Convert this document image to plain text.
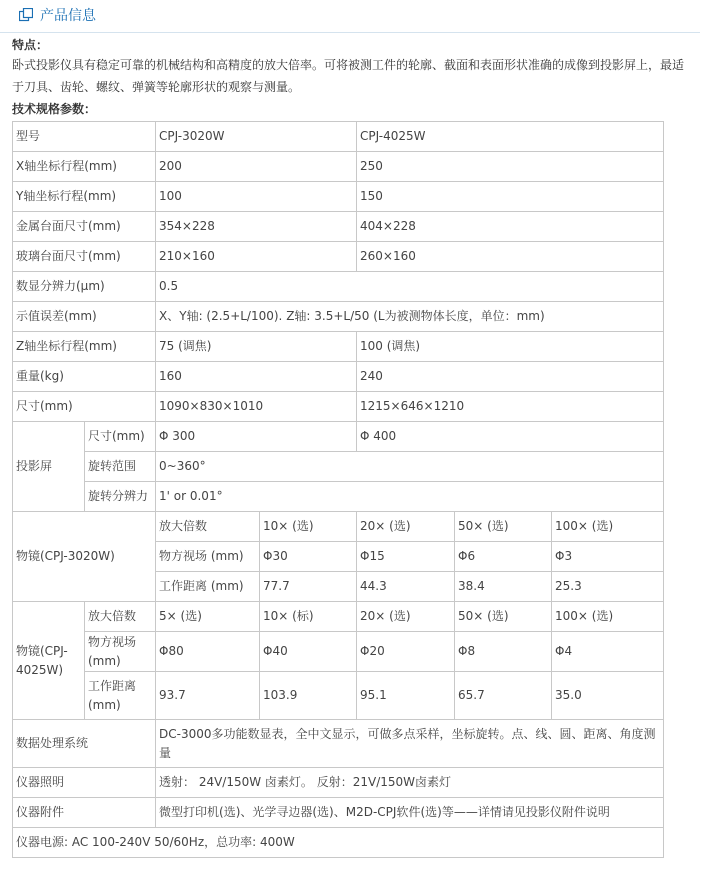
产品信息
特点：
卧式投影仪具有稳定可靠的机械结构和高精度的放大倍率。可将被测工件的轮廓、截面和表面形状准确的成像到投影屏上，最适于刀具、齿轮、螺纹、弹簧等轮廓形状的观察与测量。
技术规格参数：
型号		CPJ-3020W		CPJ-4025W		
X轴坐标行程(mm)		200		250		
Y轴坐标行程(mm)		100		150		
金属台面尺寸(mm)		354×228		404×228		
玻璃台面尺寸(mm)		210×160		260×160		
数显分辨力(μm)		0.5				
示值误差(mm)		X、Y轴: (2.5+L/100). Z轴: 3.5+L/50 (L为被测物体长度，单位：mm)				
Z轴坐标行程(mm)		75 (调焦)		100 (调焦)		
重量(kg)		160		240		
尺寸(mm)		1090×830×1010		1215×646×1210		
投影屏	尺寸(mm)	Φ 300		Φ 400		
	旋转范围	0~360°				
	旋转分辨力	1' or 0.01°				
物镜(CPJ-3020W)		放大倍数	10× (选)	20× (选)	50× (选)	100× (选)
		物方视场 (mm)	Φ30	Φ15	Φ6	Φ3
		工作距离 (mm)	77.7	44.3	38.4	25.3
物镜(CPJ-4025W)	放大倍数	5× (选)	10× (标)	20× (选)	50× (选)	100× (选)
	物方视场(mm)	Φ80	Φ40	Φ20	Φ8	Φ4
	工作距离(mm)	93.7	103.9	95.1	65.7	35.0
数据处理系统		DC-3000多功能数显表，全中文显示，可做多点采样，坐标旋转。点、线、圆、距离、角度测量				
仪器照明		透射： 24V/150W 卤素灯。 反射：21V/150W卤素灯				
仪器附件		微型打印机(选)、光学寻边器(选)、M2D-CPJ软件(选)等——详情请见投影仪附件说明				
仪器电源: AC 100-240V 50/60Hz，总功率: 400W						
